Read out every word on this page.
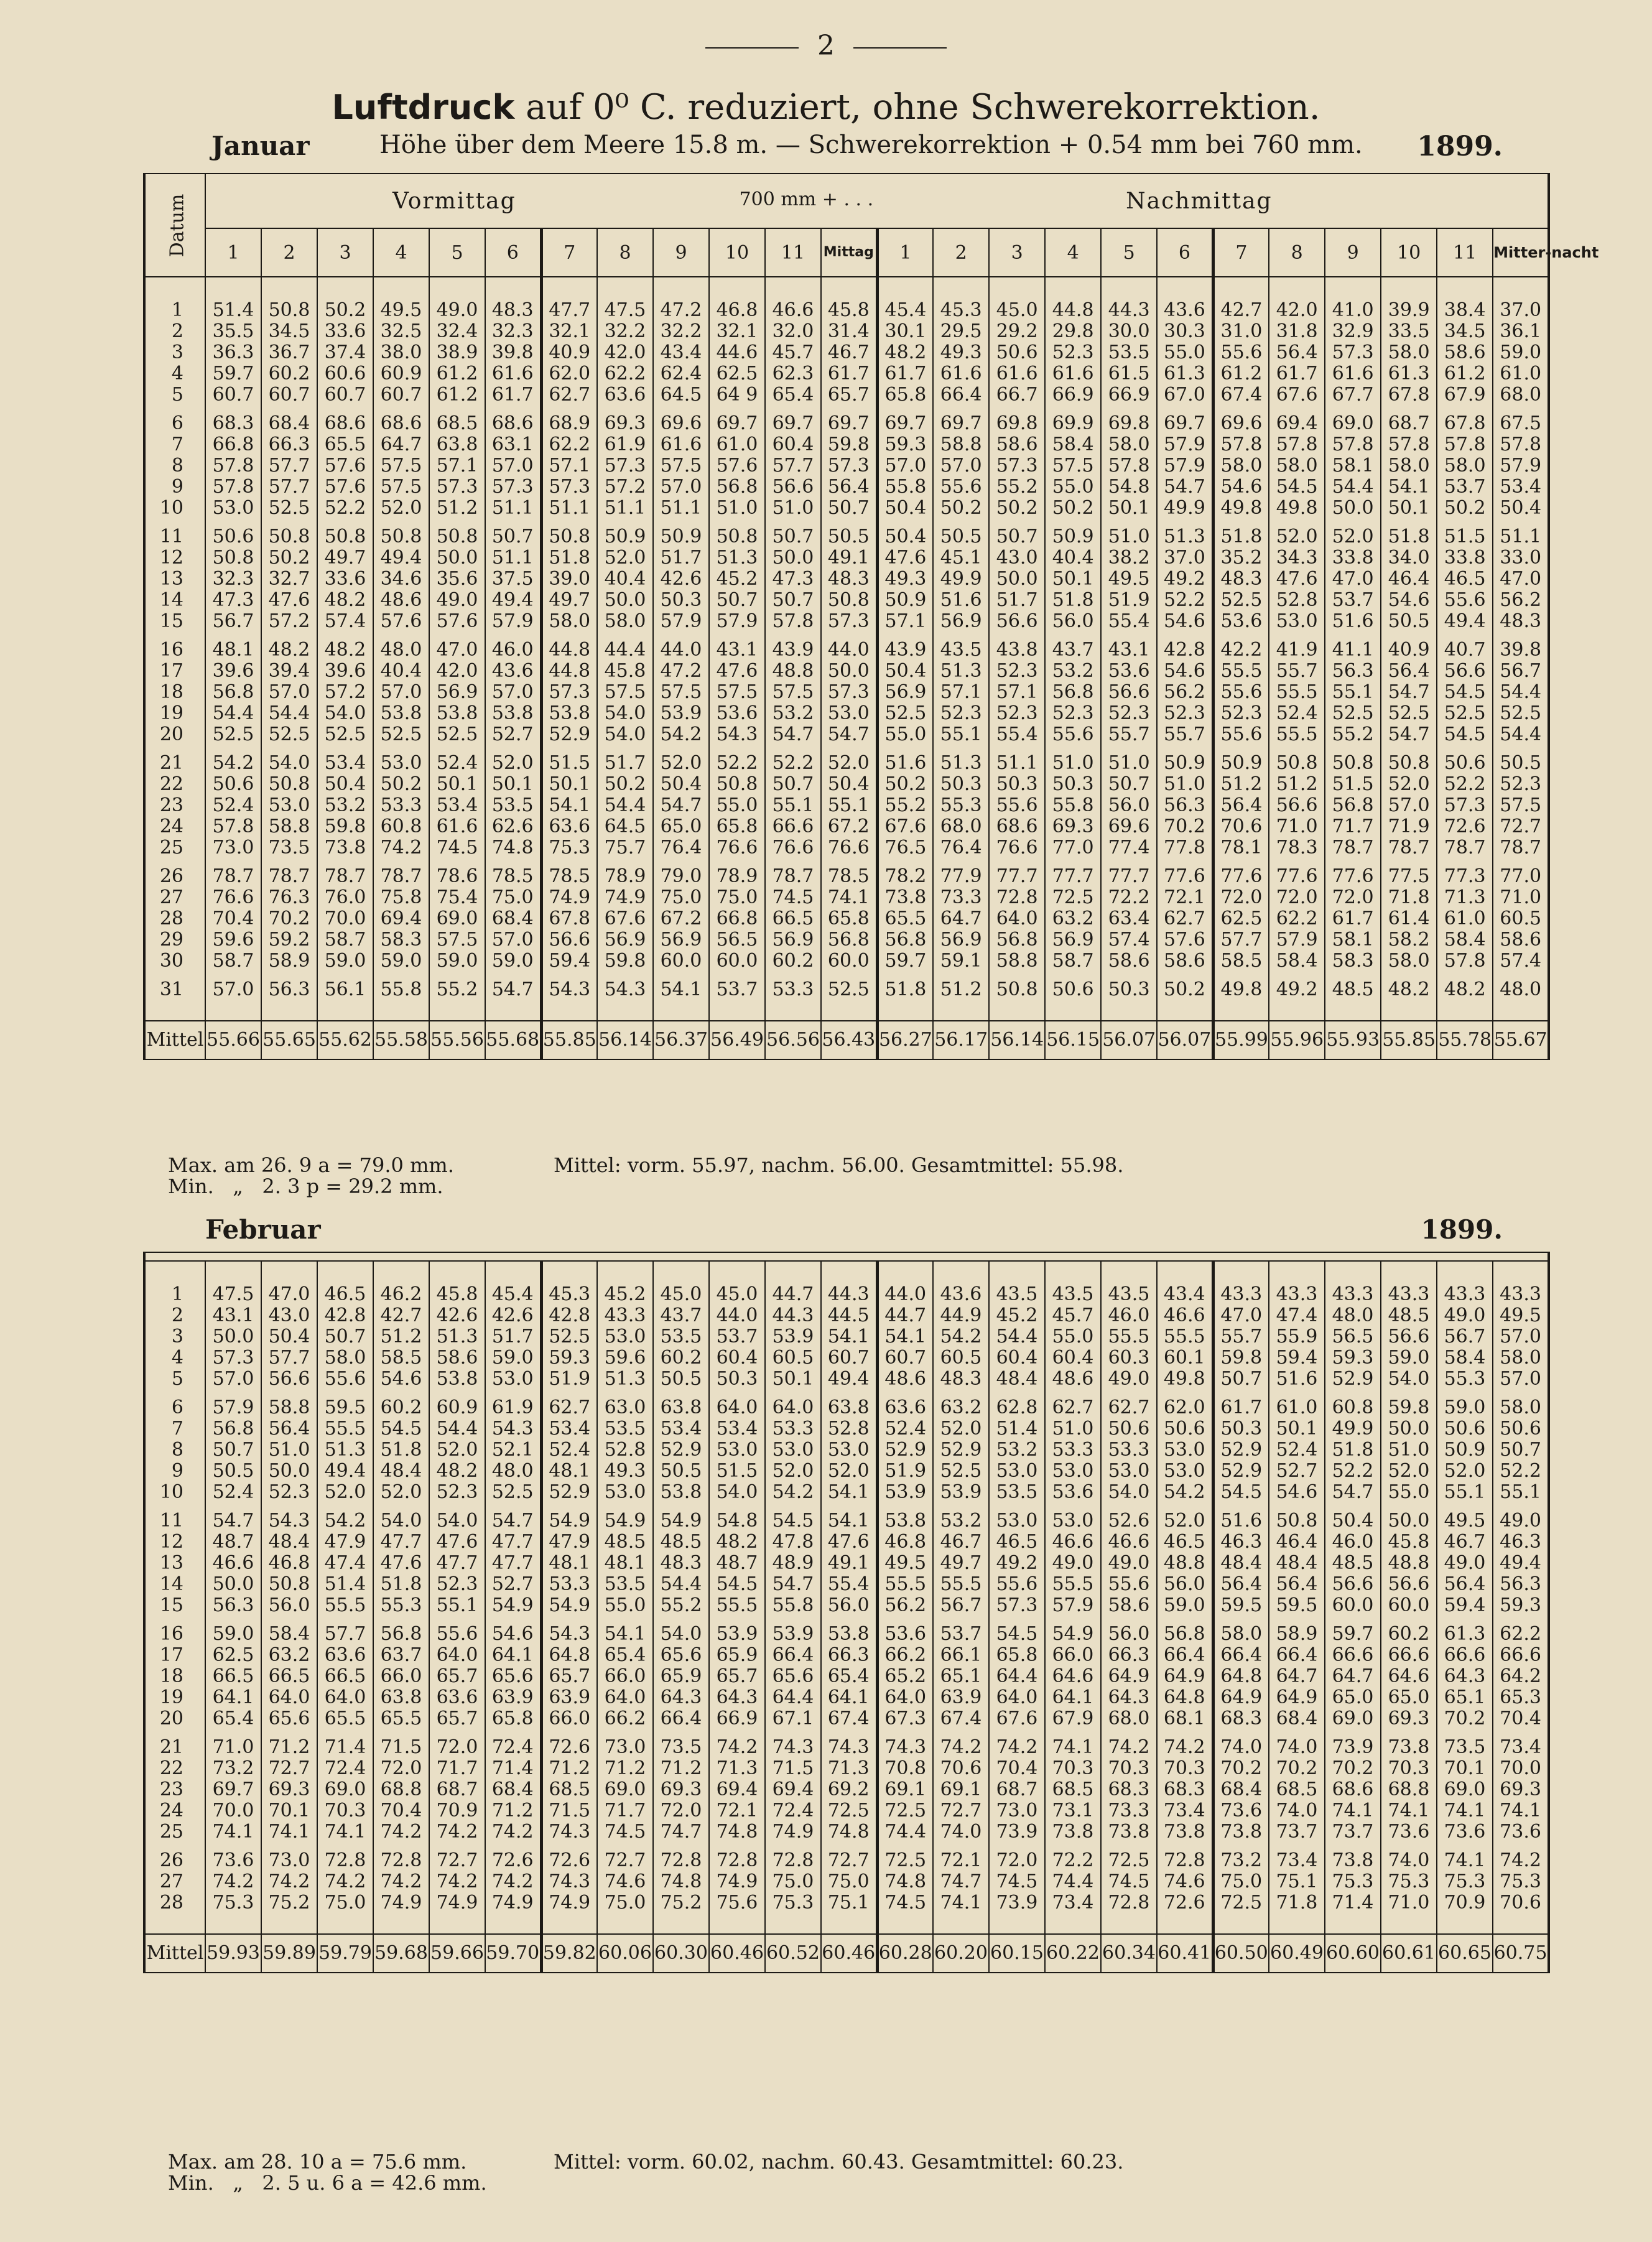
2
Luftdruck auf 0⁰ C. reduziert, ohne Schwerekorrektion.
Januar	Höhe über dem Meere 15.8 m. — Schwerekorrektion + 0.54 mm bei 760 mm. 1899.
Datum	Vormittag 700 mm + . . .												Nachmittag											

	1	2	3	4	5	6	7	8	9	10	11	Mittag	1	2	3	4	5	6	7	8	9	10	11	Mitter-nacht
1	51.4	50.8	50.2	49.5	49.0	48.3	47.7	47.5	47.2	46.8	46.6	45.8	45.4	45.3	45.0	44.8	44.3	43.6	42.7	42.0	41.0	39.9	38.4	37.0
2	35.5	34.5	33.6	32.5	32.4	32.3	32.1	32.2	32.2	32.1	32.0	31.4	30.1	29.5	29.2	29.8	30.0	30.3	31.0	31.8	32.9	33.5	34.5	36.1
3	36.3	36.7	37.4	38.0	38.9	39.8	40.9	42.0	43.4	44.6	45.7	46.7	48.2	49.3	50.6	52.3	53.5	55.0	55.6	56.4	57.3	58.0	58.6	59.0
4	59.7	60.2	60.6	60.9	61.2	61.6	62.0	62.2	62.4	62.5	62.3	61.7	61.7	61.6	61.6	61.6	61.5	61.3	61.2	61.7	61.6	61.3	61.2	61.0
5	60.7	60.7	60.7	60.7	61.2	61.7	62.7	63.6	64.5	64 9	65.4	65.7	65.8	66.4	66.7	66.9	66.9	67.0	67.4	67.6	67.7	67.8	67.9	68.0
6	68.3	68.4	68.6	68.6	68.5	68.6	68.9	69.3	69.6	69.7	69.7	69.7	69.7	69.7	69.8	69.9	69.8	69.7	69.6	69.4	69.0	68.7	67.8	67.5
7	66.8	66.3	65.5	64.7	63.8	63.1	62.2	61.9	61.6	61.0	60.4	59.8	59.3	58.8	58.6	58.4	58.0	57.9	57.8	57.8	57.8	57.8	57.8	57.8
8	57.8	57.7	57.6	57.5	57.1	57.0	57.1	57.3	57.5	57.6	57.7	57.3	57.0	57.0	57.3	57.5	57.8	57.9	58.0	58.0	58.1	58.0	58.0	57.9
9	57.8	57.7	57.6	57.5	57.3	57.3	57.3	57.2	57.0	56.8	56.6	56.4	55.8	55.6	55.2	55.0	54.8	54.7	54.6	54.5	54.4	54.1	53.7	53.4
10	53.0	52.5	52.2	52.0	51.2	51.1	51.1	51.1	51.1	51.0	51.0	50.7	50.4	50.2	50.2	50.2	50.1	49.9	49.8	49.8	50.0	50.1	50.2	50.4
11	50.6	50.8	50.8	50.8	50.8	50.7	50.8	50.9	50.9	50.8	50.7	50.5	50.4	50.5	50.7	50.9	51.0	51.3	51.8	52.0	52.0	51.8	51.5	51.1
12	50.8	50.2	49.7	49.4	50.0	51.1	51.8	52.0	51.7	51.3	50.0	49.1	47.6	45.1	43.0	40.4	38.2	37.0	35.2	34.3	33.8	34.0	33.8	33.0
13	32.3	32.7	33.6	34.6	35.6	37.5	39.0	40.4	42.6	45.2	47.3	48.3	49.3	49.9	50.0	50.1	49.5	49.2	48.3	47.6	47.0	46.4	46.5	47.0
14	47.3	47.6	48.2	48.6	49.0	49.4	49.7	50.0	50.3	50.7	50.7	50.8	50.9	51.6	51.7	51.8	51.9	52.2	52.5	52.8	53.7	54.6	55.6	56.2
15	56.7	57.2	57.4	57.6	57.6	57.9	58.0	58.0	57.9	57.9	57.8	57.3	57.1	56.9	56.6	56.0	55.4	54.6	53.6	53.0	51.6	50.5	49.4	48.3
16	48.1	48.2	48.2	48.0	47.0	46.0	44.8	44.4	44.0	43.1	43.9	44.0	43.9	43.5	43.8	43.7	43.1	42.8	42.2	41.9	41.1	40.9	40.7	39.8
17	39.6	39.4	39.6	40.4	42.0	43.6	44.8	45.8	47.2	47.6	48.8	50.0	50.4	51.3	52.3	53.2	53.6	54.6	55.5	55.7	56.3	56.4	56.6	56.7
18	56.8	57.0	57.2	57.0	56.9	57.0	57.3	57.5	57.5	57.5	57.5	57.3	56.9	57.1	57.1	56.8	56.6	56.2	55.6	55.5	55.1	54.7	54.5	54.4
19	54.4	54.4	54.0	53.8	53.8	53.8	53.8	54.0	53.9	53.6	53.2	53.0	52.5	52.3	52.3	52.3	52.3	52.3	52.3	52.4	52.5	52.5	52.5	52.5
20	52.5	52.5	52.5	52.5	52.5	52.7	52.9	54.0	54.2	54.3	54.7	54.7	55.0	55.1	55.4	55.6	55.7	55.7	55.6	55.5	55.2	54.7	54.5	54.4
21	54.2	54.0	53.4	53.0	52.4	52.0	51.5	51.7	52.0	52.2	52.2	52.0	51.6	51.3	51.1	51.0	51.0	50.9	50.9	50.8	50.8	50.8	50.6	50.5
22	50.6	50.8	50.4	50.2	50.1	50.1	50.1	50.2	50.4	50.8	50.7	50.4	50.2	50.3	50.3	50.3	50.7	51.0	51.2	51.2	51.5	52.0	52.2	52.3
23	52.4	53.0	53.2	53.3	53.4	53.5	54.1	54.4	54.7	55.0	55.1	55.1	55.2	55.3	55.6	55.8	56.0	56.3	56.4	56.6	56.8	57.0	57.3	57.5
24	57.8	58.8	59.8	60.8	61.6	62.6	63.6	64.5	65.0	65.8	66.6	67.2	67.6	68.0	68.6	69.3	69.6	70.2	70.6	71.0	71.7	71.9	72.6	72.7
25	73.0	73.5	73.8	74.2	74.5	74.8	75.3	75.7	76.4	76.6	76.6	76.6	76.5	76.4	76.6	77.0	77.4	77.8	78.1	78.3	78.7	78.7	78.7	78.7
26	78.7	78.7	78.7	78.7	78.6	78.5	78.5	78.9	79.0	78.9	78.7	78.5	78.2	77.9	77.7	77.7	77.7	77.6	77.6	77.6	77.6	77.5	77.3	77.0
27	76.6	76.3	76.0	75.8	75.4	75.0	74.9	74.9	75.0	75.0	74.5	74.1	73.8	73.3	72.8	72.5	72.2	72.1	72.0	72.0	72.0	71.8	71.3	71.0
28	70.4	70.2	70.0	69.4	69.0	68.4	67.8	67.6	67.2	66.8	66.5	65.8	65.5	64.7	64.0	63.2	63.4	62.7	62.5	62.2	61.7	61.4	61.0	60.5
29	59.6	59.2	58.7	58.3	57.5	57.0	56.6	56.9	56.9	56.5	56.9	56.8	56.8	56.9	56.8	56.9	57.4	57.6	57.7	57.9	58.1	58.2	58.4	58.6
30	58.7	58.9	59.0	59.0	59.0	59.0	59.4	59.8	60.0	60.0	60.2	60.0	59.7	59.1	58.8	58.7	58.6	58.6	58.5	58.4	58.3	58.0	57.8	57.4
31	57.0	56.3	56.1	55.8	55.2	54.7	54.3	54.3	54.1	53.7	53.3	52.5	51.8	51.2	50.8	50.6	50.3	50.2	49.8	49.2	48.5	48.2	48.2	48.0
Mittel	55.66	55.65	55.62	55.58	55.56	55.68	55.85	56.14	56.37	56.49	56.56	56.43	56.27	56.17	56.14	56.15	56.07	56.07	55.99	55.96	55.93	55.85	55.78	55.67
Max. am 26. 9 a = 79.0 mm.
Min.   „   2. 3 p = 29.2 mm.
Mittel: vorm. 55.97, nachm. 56.00. Gesamtmittel: 55.98.
Februar	1899.

1	47.5	47.0	46.5	46.2	45.8	45.4	45.3	45.2	45.0	45.0	44.7	44.3	44.0	43.6	43.5	43.5	43.5	43.4	43.3	43.3	43.3	43.3	43.3	43.3
2	43.1	43.0	42.8	42.7	42.6	42.6	42.8	43.3	43.7	44.0	44.3	44.5	44.7	44.9	45.2	45.7	46.0	46.6	47.0	47.4	48.0	48.5	49.0	49.5
3	50.0	50.4	50.7	51.2	51.3	51.7	52.5	53.0	53.5	53.7	53.9	54.1	54.1	54.2	54.4	55.0	55.5	55.5	55.7	55.9	56.5	56.6	56.7	57.0
4	57.3	57.7	58.0	58.5	58.6	59.0	59.3	59.6	60.2	60.4	60.5	60.7	60.7	60.5	60.4	60.4	60.3	60.1	59.8	59.4	59.3	59.0	58.4	58.0
5	57.0	56.6	55.6	54.6	53.8	53.0	51.9	51.3	50.5	50.3	50.1	49.4	48.6	48.3	48.4	48.6	49.0	49.8	50.7	51.6	52.9	54.0	55.3	57.0
6	57.9	58.8	59.5	60.2	60.9	61.9	62.7	63.0	63.8	64.0	64.0	63.8	63.6	63.2	62.8	62.7	62.7	62.0	61.7	61.0	60.8	59.8	59.0	58.0
7	56.8	56.4	55.5	54.5	54.4	54.3	53.4	53.5	53.4	53.4	53.3	52.8	52.4	52.0	51.4	51.0	50.6	50.6	50.3	50.1	49.9	50.0	50.6	50.6
8	50.7	51.0	51.3	51.8	52.0	52.1	52.4	52.8	52.9	53.0	53.0	53.0	52.9	52.9	53.2	53.3	53.3	53.0	52.9	52.4	51.8	51.0	50.9	50.7
9	50.5	50.0	49.4	48.4	48.2	48.0	48.1	49.3	50.5	51.5	52.0	52.0	51.9	52.5	53.0	53.0	53.0	53.0	52.9	52.7	52.2	52.0	52.0	52.2
10	52.4	52.3	52.0	52.0	52.3	52.5	52.9	53.0	53.8	54.0	54.2	54.1	53.9	53.9	53.5	53.6	54.0	54.2	54.5	54.6	54.7	55.0	55.1	55.1
11	54.7	54.3	54.2	54.0	54.0	54.7	54.9	54.9	54.9	54.8	54.5	54.1	53.8	53.2	53.0	53.0	52.6	52.0	51.6	50.8	50.4	50.0	49.5	49.0
12	48.7	48.4	47.9	47.7	47.6	47.7	47.9	48.5	48.5	48.2	47.8	47.6	46.8	46.7	46.5	46.6	46.6	46.5	46.3	46.4	46.0	45.8	46.7	46.3
13	46.6	46.8	47.4	47.6	47.7	47.7	48.1	48.1	48.3	48.7	48.9	49.1	49.5	49.7	49.2	49.0	49.0	48.8	48.4	48.4	48.5	48.8	49.0	49.4
14	50.0	50.8	51.4	51.8	52.3	52.7	53.3	53.5	54.4	54.5	54.7	55.4	55.5	55.5	55.6	55.5	55.6	56.0	56.4	56.4	56.6	56.6	56.4	56.3
15	56.3	56.0	55.5	55.3	55.1	54.9	54.9	55.0	55.2	55.5	55.8	56.0	56.2	56.7	57.3	57.9	58.6	59.0	59.5	59.5	60.0	60.0	59.4	59.3
16	59.0	58.4	57.7	56.8	55.6	54.6	54.3	54.1	54.0	53.9	53.9	53.8	53.6	53.7	54.5	54.9	56.0	56.8	58.0	58.9	59.7	60.2	61.3	62.2
17	62.5	63.2	63.6	63.7	64.0	64.1	64.8	65.4	65.6	65.9	66.4	66.3	66.2	66.1	65.8	66.0	66.3	66.4	66.4	66.4	66.6	66.6	66.6	66.6
18	66.5	66.5	66.5	66.0	65.7	65.6	65.7	66.0	65.9	65.7	65.6	65.4	65.2	65.1	64.4	64.6	64.9	64.9	64.8	64.7	64.7	64.6	64.3	64.2
19	64.1	64.0	64.0	63.8	63.6	63.9	63.9	64.0	64.3	64.3	64.4	64.1	64.0	63.9	64.0	64.1	64.3	64.8	64.9	64.9	65.0	65.0	65.1	65.3
20	65.4	65.6	65.5	65.5	65.7	65.8	66.0	66.2	66.4	66.9	67.1	67.4	67.3	67.4	67.6	67.9	68.0	68.1	68.3	68.4	69.0	69.3	70.2	70.4
21	71.0	71.2	71.4	71.5	72.0	72.4	72.6	73.0	73.5	74.2	74.3	74.3	74.3	74.2	74.2	74.1	74.2	74.2	74.0	74.0	73.9	73.8	73.5	73.4
22	73.2	72.7	72.4	72.0	71.7	71.4	71.2	71.2	71.2	71.3	71.5	71.3	70.8	70.6	70.4	70.3	70.3	70.3	70.2	70.2	70.2	70.3	70.1	70.0
23	69.7	69.3	69.0	68.8	68.7	68.4	68.5	69.0	69.3	69.4	69.4	69.2	69.1	69.1	68.7	68.5	68.3	68.3	68.4	68.5	68.6	68.8	69.0	69.3
24	70.0	70.1	70.3	70.4	70.9	71.2	71.5	71.7	72.0	72.1	72.4	72.5	72.5	72.7	73.0	73.1	73.3	73.4	73.6	74.0	74.1	74.1	74.1	74.1
25	74.1	74.1	74.1	74.2	74.2	74.2	74.3	74.5	74.7	74.8	74.9	74.8	74.4	74.0	73.9	73.8	73.8	73.8	73.8	73.7	73.7	73.6	73.6	73.6
26	73.6	73.0	72.8	72.8	72.7	72.6	72.6	72.7	72.8	72.8	72.8	72.7	72.5	72.1	72.0	72.2	72.5	72.8	73.2	73.4	73.8	74.0	74.1	74.2
27	74.2	74.2	74.2	74.2	74.2	74.2	74.3	74.6	74.8	74.9	75.0	75.0	74.8	74.7	74.5	74.4	74.5	74.6	75.0	75.1	75.3	75.3	75.3	75.3
28	75.3	75.2	75.0	74.9	74.9	74.9	74.9	75.0	75.2	75.6	75.3	75.1	74.5	74.1	73.9	73.4	72.8	72.6	72.5	71.8	71.4	71.0	70.9	70.6
Mittel	59.93	59.89	59.79	59.68	59.66	59.70	59.82	60.06	60.30	60.46	60.52	60.46	60.28	60.20	60.15	60.22	60.34	60.41	60.50	60.49	60.60	60.61	60.65	60.75
Max. am 28. 10 a = 75.6 mm.
Min.   „   2. 5 u. 6 a = 42.6 mm.
Mittel: vorm. 60.02, nachm. 60.43. Gesamtmittel: 60.23.
